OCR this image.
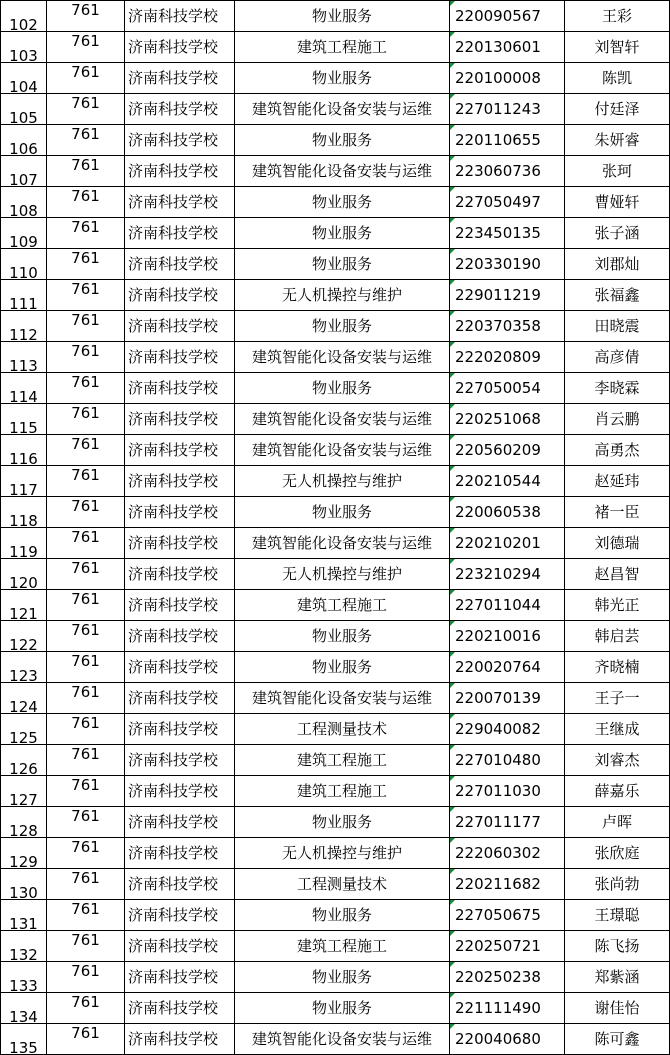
102	761	济南科技学校	物业服务	220090567	王彩
103	761	济南科技学校	建筑工程施工	220130601	刘智轩
104	761	济南科技学校	物业服务	220100008	陈凯
105	761	济南科技学校	建筑智能化设备安装与运维	227011243	付廷泽
106	761	济南科技学校	物业服务	220110655	朱妍睿
107	761	济南科技学校	建筑智能化设备安装与运维	223060736	张珂
108	761	济南科技学校	物业服务	227050497	曹娅轩
109	761	济南科技学校	物业服务	223450135	张子涵
110	761	济南科技学校	物业服务	220330190	刘郡灿
111	761	济南科技学校	无人机操控与维护	229011219	张福鑫
112	761	济南科技学校	物业服务	220370358	田晓震
113	761	济南科技学校	建筑智能化设备安装与运维	222020809	高彦倩
114	761	济南科技学校	物业服务	227050054	李晓霖
115	761	济南科技学校	建筑智能化设备安装与运维	220251068	肖云鹏
116	761	济南科技学校	建筑智能化设备安装与运维	220560209	高勇杰
117	761	济南科技学校	无人机操控与维护	220210544	赵延玮
118	761	济南科技学校	物业服务	220060538	褚一臣
119	761	济南科技学校	建筑智能化设备安装与运维	220210201	刘德瑞
120	761	济南科技学校	无人机操控与维护	223210294	赵昌智
121	761	济南科技学校	建筑工程施工	227011044	韩光正
122	761	济南科技学校	物业服务	220210016	韩启芸
123	761	济南科技学校	物业服务	220020764	齐晓楠
124	761	济南科技学校	建筑智能化设备安装与运维	220070139	王子一
125	761	济南科技学校	工程测量技术	229040082	王继成
126	761	济南科技学校	建筑工程施工	227010480	刘睿杰
127	761	济南科技学校	建筑工程施工	227011030	薛嘉乐
128	761	济南科技学校	物业服务	227011177	卢晖
129	761	济南科技学校	无人机操控与维护	222060302	张欣庭
130	761	济南科技学校	工程测量技术	220211682	张尚勃
131	761	济南科技学校	物业服务	227050675	王璟聪
132	761	济南科技学校	建筑工程施工	220250721	陈飞扬
133	761	济南科技学校	物业服务	220250238	郑紫涵
134	761	济南科技学校	物业服务	221111490	谢佳怡
135	761	济南科技学校	建筑智能化设备安装与运维	220040680	陈可鑫
